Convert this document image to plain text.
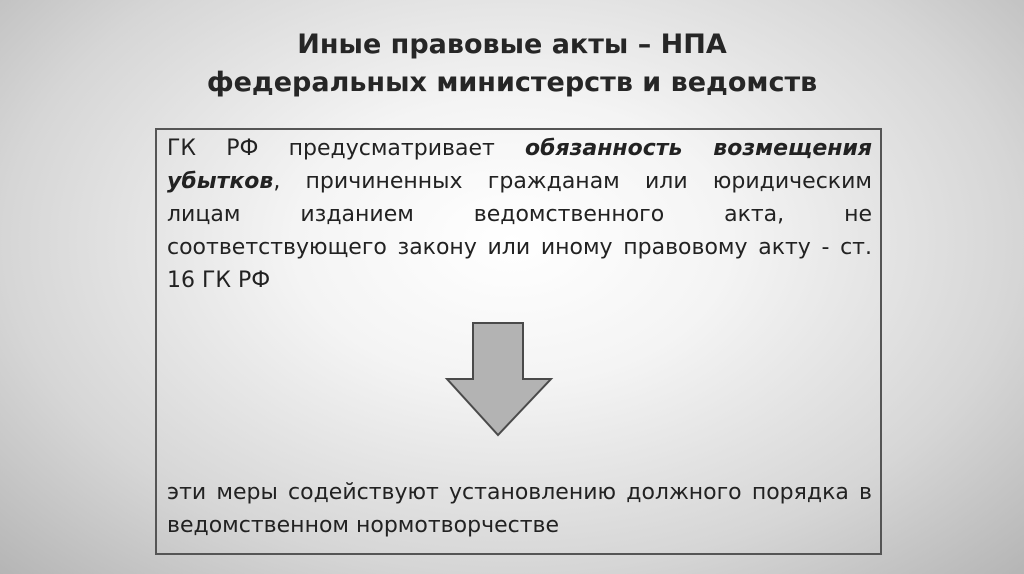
Иные правовые акты – НПА
федеральных министерств и ведомств
ГК РФ предусматривает обязанность возмещения убытков, причиненных гражданам или юридическим лицам изданием ведомственного акта, не соответствующего закону или иному правовому акту - ст. 16 ГК РФ
эти меры содействуют установлению должного порядка в ведомственном нормотворчестве
